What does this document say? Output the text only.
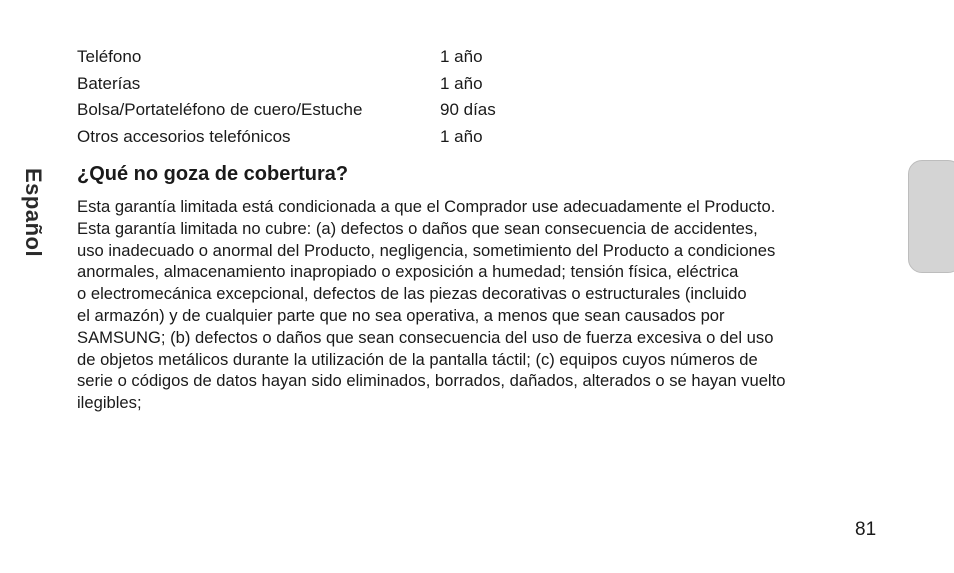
Teléfono	1 año
Baterías	1 año
Bolsa/Portateléfono de cuero/Estuche	90 días
Otros accesorios telefónicos	1 año
¿Qué no goza de cobertura?
Esta garantía limitada está condicionada a que el Comprador use adecuadamente el Producto.
Esta garantía limitada no cubre: (a) defectos o daños que sean consecuencia de accidentes,
uso inadecuado o anormal del Producto, negligencia, sometimiento del Producto a condiciones
anormales, almacenamiento inapropiado o exposición a humedad; tensión física, eléctrica
o electromecánica excepcional, defectos de las piezas decorativas o estructurales (incluido
el armazón) y de cualquier parte que no sea operativa, a menos que sean causados por
SAMSUNG; (b) defectos o daños que sean consecuencia del uso de fuerza excesiva o del uso
de objetos metálicos durante la utilización de la pantalla táctil; (c) equipos cuyos números de
serie o códigos de datos hayan sido eliminados, borrados, dañados, alterados o se hayan vuelto
ilegibles;
Español
81
